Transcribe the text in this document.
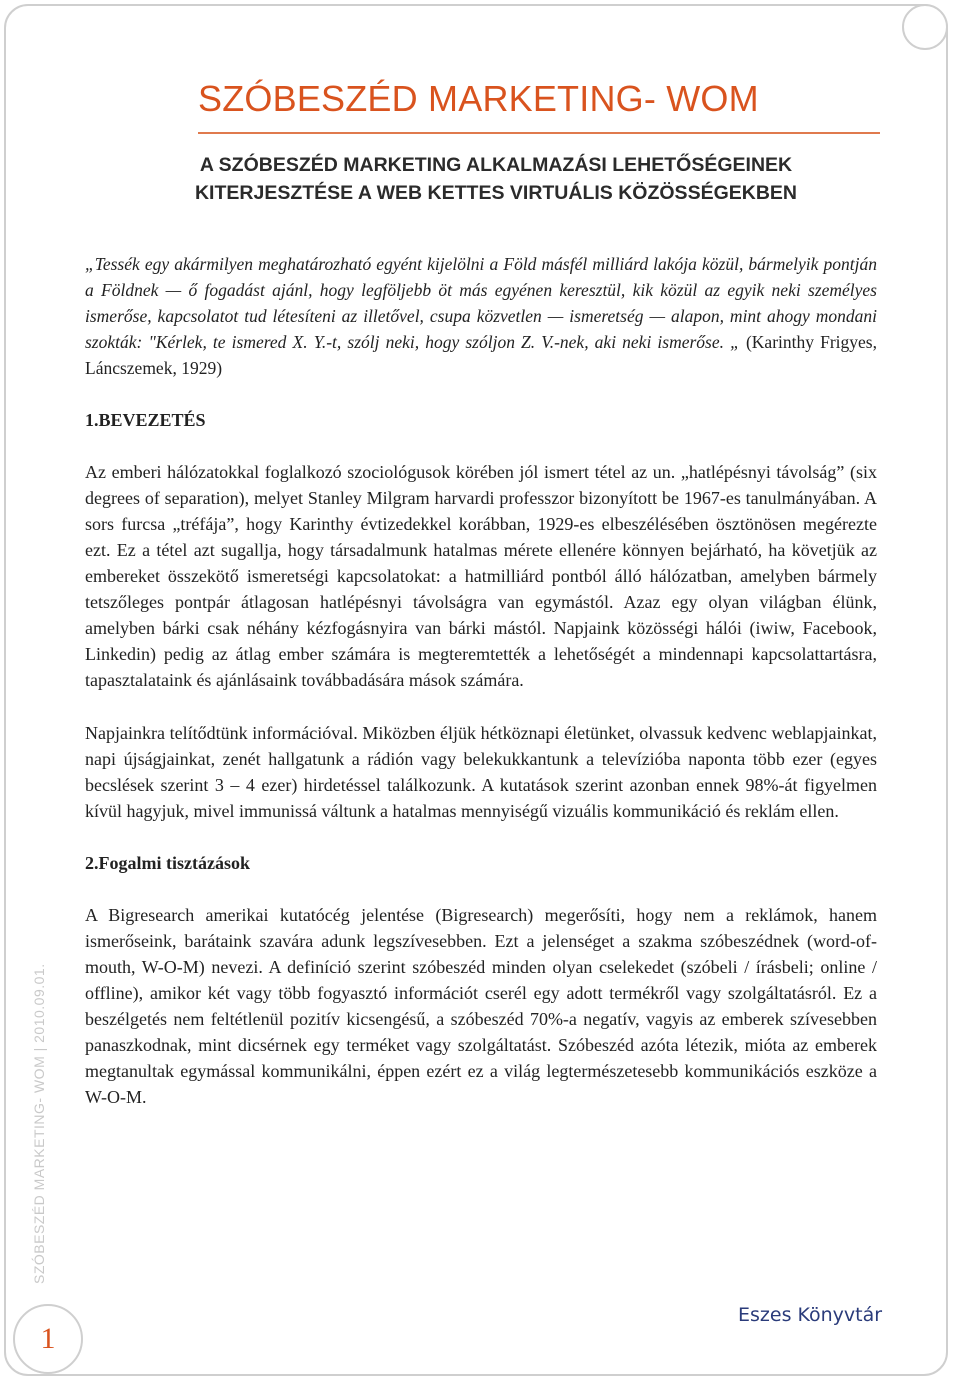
SZÓBESZÉD MARKETING- WOM
A SZÓBESZÉD MARKETING ALKALMAZÁSI LEHETŐSÉGEINEK
KITERJESZTÉSE A WEB KETTES VIRTUÁLIS KÖZÖSSÉGEKBEN

„Tessék egy akármilyen meghatározható egyént kijelölni a Föld másfél milliárd lakója közül, bármelyik pontján a Földnek — ő fogadást ajánl, hogy legföljebb öt más egyénen keresztül, kik közül az egyik neki személyes ismerőse, kapcsolatot tud létesíteni az illetővel, csupa közvetlen — ismeretség — alapon, mint ahogy mondani szokták: "Kérlek, te ismered X. Y.-t, szólj neki, hogy szóljon Z. V.-nek, aki neki ismerőse. „ (Karinthy Frigyes, Láncszemek, 1929)

1.BEVEZETÉS

Az emberi hálózatokkal foglalkozó szociológusok körében jól ismert tétel az un. „hatlépésnyi távolság” (six degrees of separation), melyet Stanley Milgram harvardi professzor bizonyított be 1967-es tanulmányában. A sors furcsa „tréfája”, hogy Karinthy évtizedekkel korábban, 1929-es elbeszélésében ösztönösen megérezte ezt. Ez a tétel azt sugallja, hogy társadalmunk hatalmas mérete ellenére könnyen bejárható, ha követjük az embereket összekötő ismeretségi kapcsolatokat: a hatmilliárd pontból álló hálózatban, amelyben bármely tetszőleges pontpár átlagosan hatlépésnyi távolságra van egymástól. Azaz egy olyan világban élünk, amelyben bárki csak néhány kézfogásnyira van bárki mástól. Napjaink közösségi hálói (iwiw, Facebook, Linkedin) pedig az átlag ember számára is megteremtették a lehetőségét a mindennapi kapcsolattartásra, tapasztalataink és ajánlásaink továbbadására mások számára.

Napjainkra telítődtünk információval. Miközben éljük hétköznapi életünket, olvassuk kedvenc weblapjainkat, napi újságjainkat, zenét hallgatunk a rádión vagy belekukkantunk a televízióba naponta több ezer (egyes becslések szerint 3 – 4 ezer) hirdetéssel találkozunk. A kutatások szerint azonban ennek 98%-át figyelmen kívül hagyjuk, mivel immunissá váltunk a hatalmas mennyiségű vizuális kommunikáció és reklám ellen.

2.Fogalmi tisztázások

A Bigresearch amerikai kutatócég jelentése (Bigresearch) megerősíti, hogy nem a reklámok, hanem ismerőseink, barátaink szavára adunk legszívesebben. Ezt a jelenséget a szakma szóbeszédnek (word-of-mouth, W-O-M) nevezi. A definíció szerint szóbeszéd minden olyan cselekedet (szóbeli / írásbeli; online / offline), amikor két vagy több fogyasztó információt cserél egy adott termékről vagy szolgáltatásról. Ez a beszélgetés nem feltétlenül pozitív kicsengésű, a szóbeszéd 70%-a negatív, vagyis az emberek szívesebben panaszkodnak, mint dicsérnek egy terméket vagy szolgáltatást. Szóbeszéd azóta létezik, mióta az emberek megtanultak egymással kommunikálni, éppen ezért ez a világ legtermészetesebb kommunikációs eszköze a W-O-M.

SZÓBESZÉD MARKETING- WOM | 2010.09.01.
1
Eszes Könyvtár
